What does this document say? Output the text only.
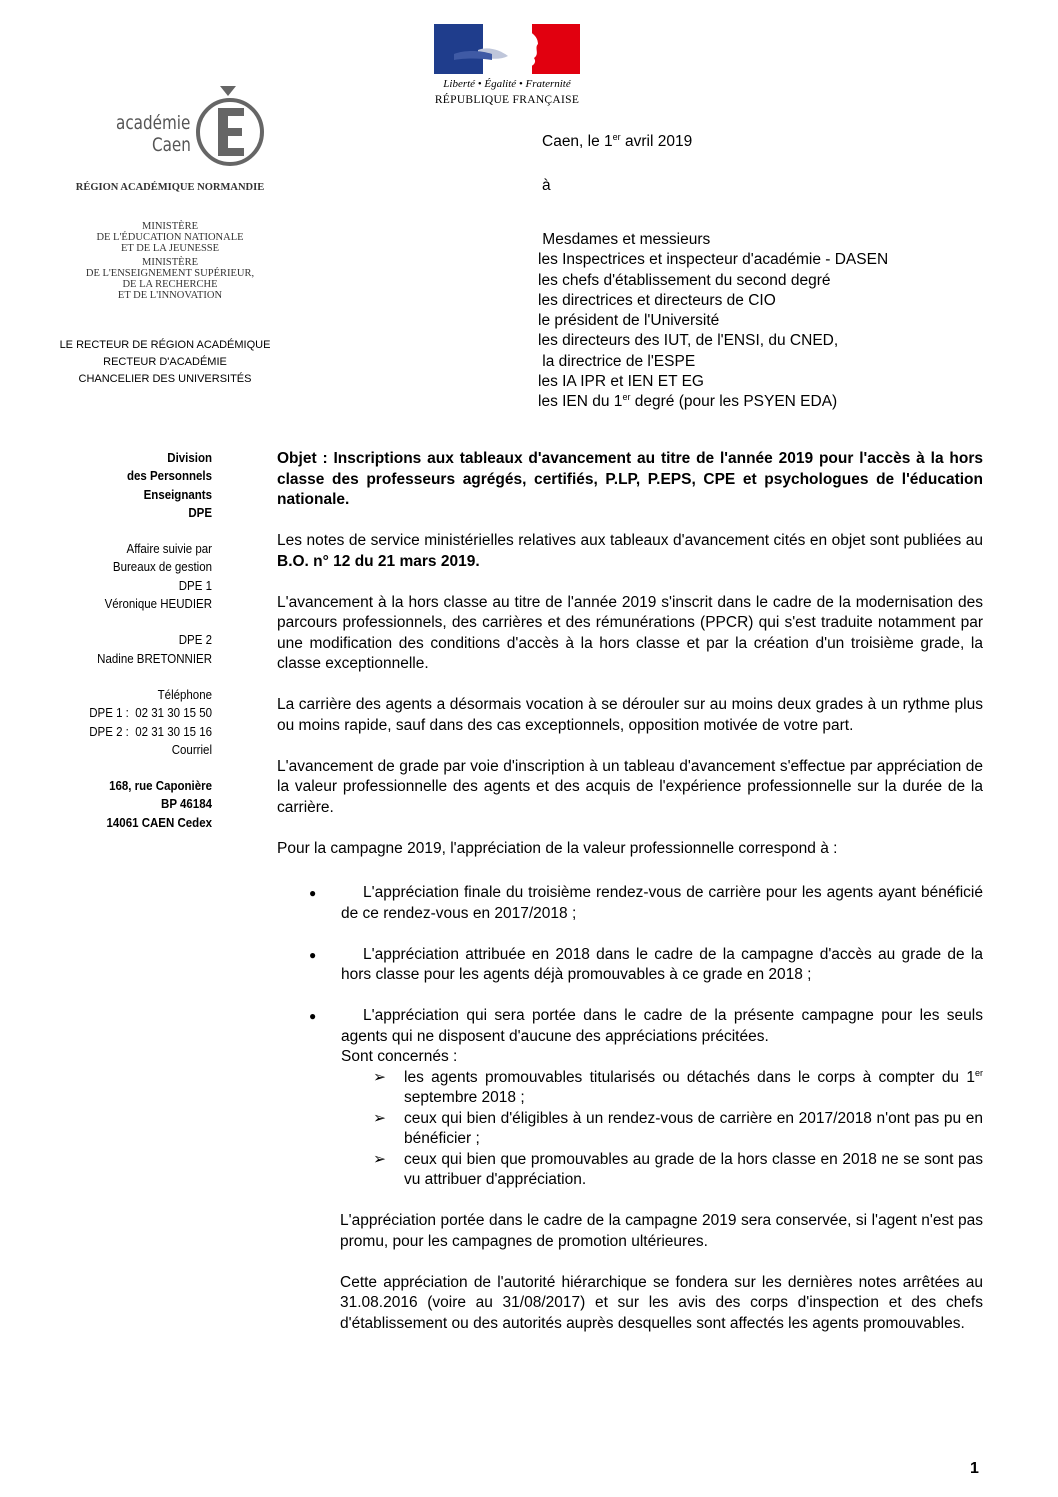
Liberté • Égalité • Fraternité
RÉPUBLIQUE FRANÇAISE
académie
Caen
RÉGION ACADÉMIQUE NORMANDIE
MINISTÈRE
DE L'ÉDUCATION NATIONALE
ET DE LA JEUNESSE
MINISTÈRE
DE L'ENSEIGNEMENT SUPÉRIEUR,
DE LA RECHERCHE
ET DE L'INNOVATION
LE RECTEUR DE RÉGION ACADÉMIQUE
RECTEUR D'ACADÉMIE
CHANCELIER DES UNIVERSITÉS
Caen, le 1er avril 2019
à
Mesdames et messieurs
les Inspectrices et inspecteur d'académie - DASEN
les chefs d'établissement du second degré
les directrices et directeurs de CIO
le président de l'Université
les directeurs des IUT, de l'ENSI, du CNED,
la directrice de l'ESPE
les IA IPR et IEN ET EG
les IEN du 1er degré (pour les PSYEN EDA)
Division
des Personnels
Enseignants
DPE
Affaire suivie par
Bureaux de gestion
DPE 1
Véronique HEUDIER
DPE 2
Nadine BRETONNIER
Téléphone
DPE 1 :  02 31 30 15 50
DPE 2 :  02 31 30 15 16
Courriel
168, rue Caponière
BP 46184
14061 CAEN Cedex

Objet : Inscriptions aux tableaux d'avancement au titre de l'année 2019 pour l'accès à la hors classe des professeurs agrégés, certifiés, P.LP, P.EPS, CPE et psychologues de l'éducation nationale.

Les notes de service ministérielles relatives aux tableaux d'avancement cités en objet sont publiées au B.O. n° 12 du 21 mars 2019.

L'avancement à la hors classe au titre de l'année 2019 s'inscrit dans le cadre de la modernisation des parcours professionnels, des carrières et des rémunérations (PPCR) qui s'est traduite notamment par une modification des conditions d'accès à la hors classe et par la création d'un troisième grade, la classe exceptionnelle.

La carrière des agents a désormais vocation à se dérouler sur au moins deux grades à un rythme plus ou moins rapide, sauf dans des cas exceptionnels, opposition motivée de votre part.

L'avancement de grade par voie d'inscription à un tableau d'avancement s'effectue par appréciation de la valeur professionnelle des agents et des acquis de l'expérience professionnelle sur la durée de la carrière.

Pour la campagne 2019, l'appréciation de la valeur professionnelle correspond à :

●	L'appréciation finale du troisième rendez-vous de carrière pour les agents ayant bénéficié de ce rendez-vous en 2017/2018 ;
●	L'appréciation attribuée en 2018 dans le cadre de la campagne d'accès au grade de la hors classe pour les agents déjà promouvables à ce grade en 2018 ;
●	L'appréciation qui sera portée dans le cadre de la présente campagne pour les seuls agents qui ne disposent d'aucune des appréciations précitées.
Sont concernés :
➢ les agents promouvables titularisés ou détachés dans le corps à compter du 1er septembre 2018 ;
➢ ceux qui bien d'éligibles à un rendez-vous de carrière en 2017/2018 n'ont pas pu en bénéficier ;
➢ ceux qui bien que promouvables au grade de la hors classe en 2018 ne se sont pas vu attribuer d'appréciation.

L'appréciation portée dans le cadre de la campagne 2019 sera conservée, si l'agent n'est pas promu, pour les campagnes de promotion ultérieures.

Cette appréciation de l'autorité hiérarchique se fondera sur les dernières notes arrêtées au 31.08.2016 (voire au 31/08/2017) et sur les avis des corps d'inspection et des chefs d'établissement ou des autorités auprès desquelles sont affectés les agents promouvables.

1
